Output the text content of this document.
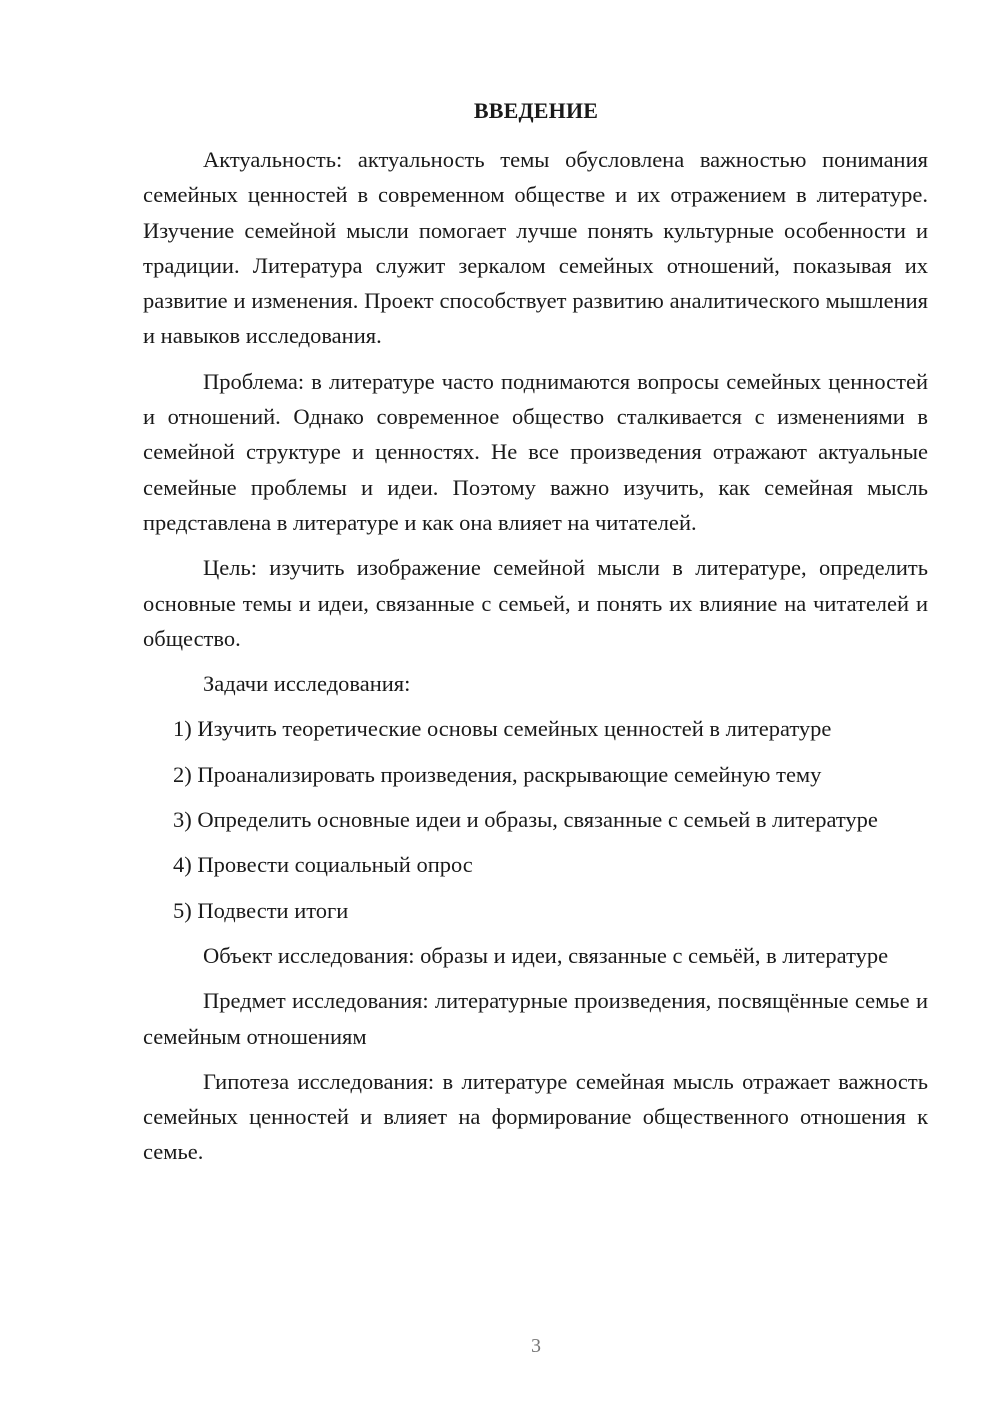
ВВЕДЕНИЕ

Актуальность: актуальность темы обусловлена важностью понимания семейных ценностей в современном обществе и их отражением в литературе. Изучение семейной мысли помогает лучше понять культурные особенности и традиции. Литература служит зеркалом семейных отношений, показывая их развитие и изменения. Проект способствует развитию аналитического мышления и навыков исследования.

Проблема: в литературе часто поднимаются вопросы семейных ценностей и отношений. Однако современное общество сталкивается с изменениями в семейной структуре и ценностях. Не все произведения отражают актуальные семейные проблемы и идеи. Поэтому важно изучить, как семейная мысль представлена в литературе и как она влияет на читателей.

Цель: изучить изображение семейной мысли в литературе, определить основные темы и идеи, связанные с семьей, и понять их влияние на читателей и общество.

Задачи исследования:

1) Изучить теоретические основы семейных ценностей в литературе

2) Проанализировать произведения, раскрывающие семейную тему

3) Определить основные идеи и образы, связанные с семьей в литературе

4) Провести социальный опрос

5) Подвести итоги

Объект исследования: образы и идеи, связанные с семьёй, в литературе

Предмет исследования: литературные произведения, посвящённые семье и семейным отношениям

Гипотеза исследования: в литературе семейная мысль отражает важность семейных ценностей и влияет на формирование общественного отношения к семье.

3
